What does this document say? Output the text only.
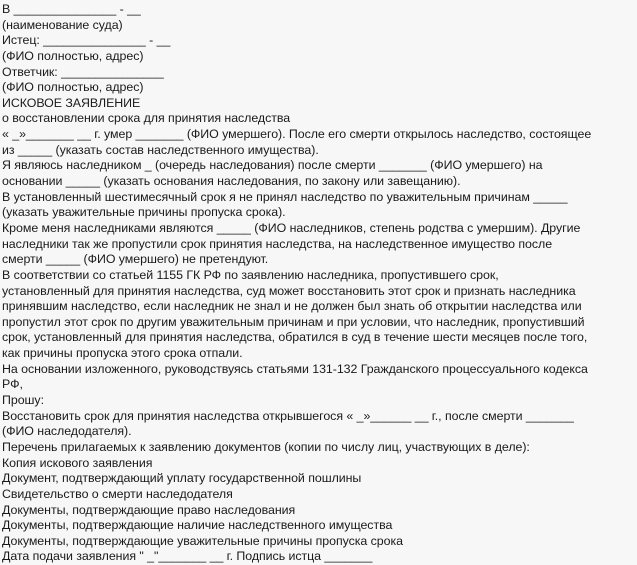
В _______________ - __
(наименование суда)
Истец: _______________ - __
(ФИО полностью, адрес)
Ответчик: _______________
(ФИО полностью, адрес)
ИСКОВОЕ ЗАЯВЛЕНИЕ
о восстановлении срока для принятия наследства
« _»_______ __ г. умер _______ (ФИО умершего). После его смерти открылось наследство, состоящее
из _____ (указать состав наследственного имущества).
Я являюсь наследником _ (очередь наследования) после смерти _______ (ФИО умершего) на
основании _____ (указать основания наследования, по закону или завещанию).
В установленный шестимесячный срок я не принял наследство по уважительным причинам _____
(указать уважительные причины пропуска срока).
Кроме меня наследниками являются _____ (ФИО наследников, степень родства с умершим). Другие
наследники так же пропустили срок принятия наследства, на наследственное имущество после
смерти _____ (ФИО умершего) не претендуют.
В соответствии со статьей 1155 ГК РФ по заявлению наследника, пропустившего срок,
установленный для принятия наследства, суд может восстановить этот срок и признать наследника
принявшим наследство, если наследник не знал и не должен был знать об открытии наследства или
пропустил этот срок по другим уважительным причинам и при условии, что наследник, пропустивший
срок, установленный для принятия наследства, обратился в суд в течение шести месяцев после того,
как причины пропуска этого срока отпали.
На основании изложенного, руководствуясь статьями 131-132 Гражданского процессуального кодекса
РФ,
Прошу:
Восстановить срок для принятия наследства открывшегося « _»______ __ г., после смерти _______
(ФИО наследодателя).
Перечень прилагаемых к заявлению документов (копии по числу лиц, участвующих в деле):
Копия искового заявления
Документ, подтверждающий уплату государственной пошлины
Свидетельство о смерти наследодателя
Документы, подтверждающие право наследования
Документы, подтверждающие наличие наследственного имущества
Документы, подтверждающие уважительные причины пропуска срока
Дата подачи заявления " _"_______ __ г. Подпись истца _______
